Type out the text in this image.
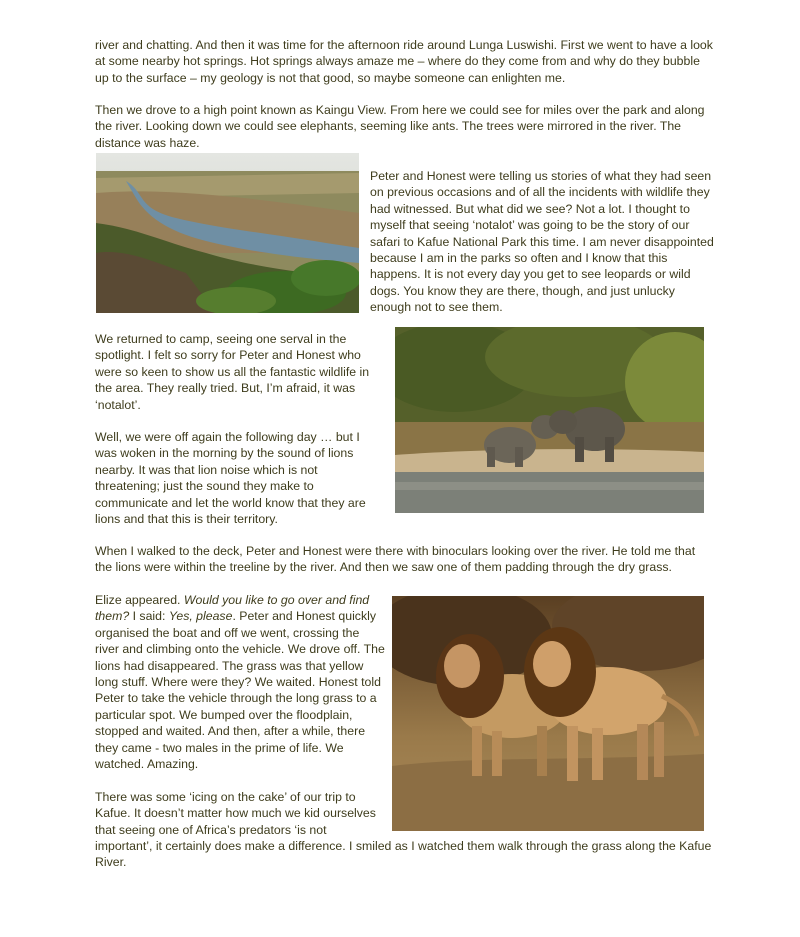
river and chatting. And then it was time for the afternoon ride around Lunga Luswishi. First we went to have a look at some nearby hot springs. Hot springs always amaze me – where do they come from and why do they bubble up to the surface – my geology is not that good, so maybe someone can enlighten me.

Then we drove to a high point known as Kaingu View. From here we could see for miles over the park and along the river. Looking down we could see elephants, seeming like ants. The trees were mirrored in the river. The distance was haze.

Peter and Honest were telling us stories of what they had seen on previous occasions and of all the incidents with wildlife they had witnessed. But what did we see? Not a lot. I thought to myself that seeing ‘notalot’ was going to be the story of our safari to Kafue National Park this time. I am never disappointed because I am in the parks so often and I know that this happens. It is not every day you get to see leopards or wild dogs. You know they are there, though, and just unlucky enough not to see them.

We returned to camp, seeing one serval in the spotlight. I felt so sorry for Peter and Honest who were so keen to show us all the fantastic wildlife in the area. They really tried. But, I’m afraid, it was ‘notalot’.

Well, we were off again the following day … but I was woken in the morning by the sound of lions nearby. It was that lion noise which is not threatening; just the sound they make to communicate and let the world know that they are lions and that this is their territory.

When I walked to the deck, Peter and Honest were there with binoculars looking over the river. He told me that the lions were within the treeline by the river. And then we saw one of them padding through the dry grass.

Elize appeared. Would you like to go over and find them? I said: Yes, please. Peter and Honest quickly organised the boat and off we went, crossing the river and climbing onto the vehicle. We drove off. The lions had disappeared. The grass was that yellow long stuff. Where were they? We waited. Honest told Peter to take the vehicle through the long grass to a particular spot. We bumped over the floodplain, stopped and waited. And then, after a while, there they came - two males in the prime of life. We watched. Amazing.

There was some ‘icing on the cake’ of our trip to Kafue. It doesn’t matter how much we kid ourselves that seeing one of Africa’s predators ‘is not

important’, it certainly does make a difference. I smiled as I watched them walk through the grass along the Kafue River.
